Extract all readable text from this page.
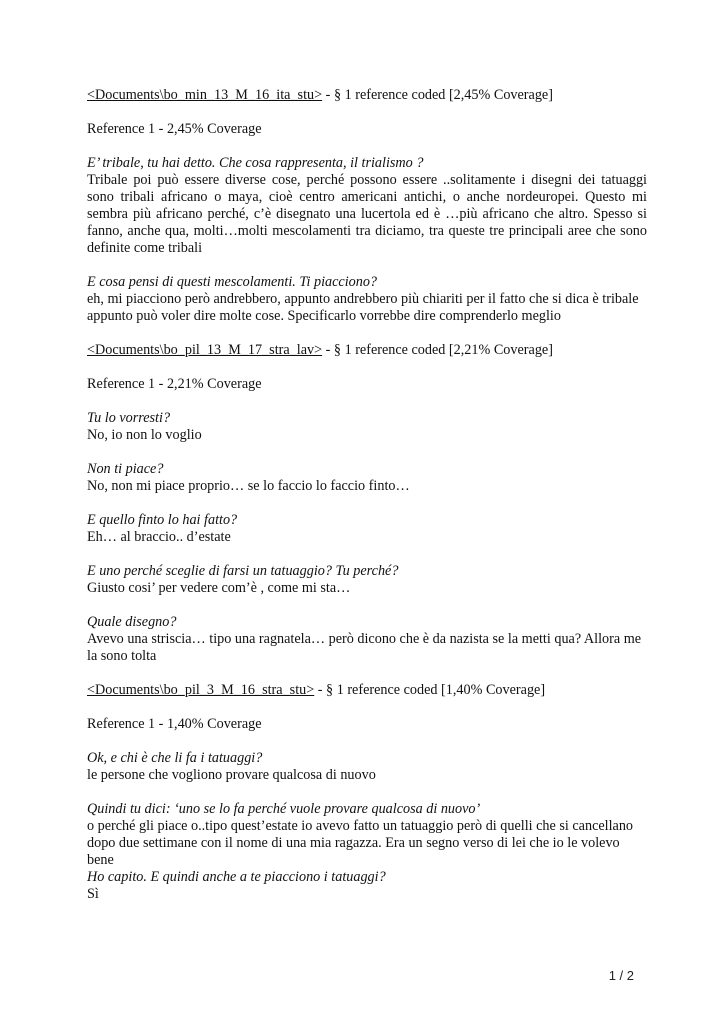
<Documents\bo_min_13_M_16_ita_stu> - § 1 reference coded [2,45% Coverage]
Reference 1 - 2,45% Coverage
E’ tribale, tu hai detto. Che cosa rappresenta, il trialismo ?
Tribale poi può essere diverse cose, perché possono essere ..solitamente i disegni dei tatuaggi sono tribali africano o maya, cioè centro americani antichi, o anche nordeuropei. Questo mi sembra più africano perché, c’è disegnato una lucertola ed è …più africano che altro. Spesso si fanno, anche qua, molti…molti mescolamenti tra diciamo, tra queste tre principali aree che sono definite come tribali
E cosa pensi di questi mescolamenti. Ti piacciono?
eh, mi piacciono però andrebbero, appunto andrebbero più chiariti per il fatto che si dica è tribale appunto può voler dire molte cose. Specificarlo vorrebbe dire comprenderlo meglio
<Documents\bo_pil_13_M_17_stra_lav> - § 1 reference coded [2,21% Coverage]
Reference 1 - 2,21% Coverage
Tu lo vorresti?
No, io non lo voglio
Non ti piace?
No, non mi piace proprio… se lo faccio lo faccio finto…
E quello finto lo hai fatto?
Eh… al braccio.. d’estate
E uno perché sceglie di farsi un tatuaggio? Tu perché?
Giusto cosi’ per vedere com’è , come mi sta…
Quale disegno?
Avevo una striscia… tipo una ragnatela… però dicono che è da nazista se la metti qua? Allora me la sono tolta
<Documents\bo_pil_3_M_16_stra_stu> - § 1 reference coded [1,40% Coverage]
Reference 1 - 1,40% Coverage
Ok, e chi è che li fa i tatuaggi?
le persone che vogliono provare qualcosa di nuovo
Quindi tu dici: ‘uno se lo fa perché vuole provare qualcosa di nuovo’
o perché gli piace o..tipo quest’estate io avevo fatto un tatuaggio però di quelli che si cancellano dopo due settimane con il nome di una mia ragazza. Era un segno verso di lei che io le volevo bene
Ho capito. E quindi anche a te piacciono i tatuaggi?
Sì
1 / 2
